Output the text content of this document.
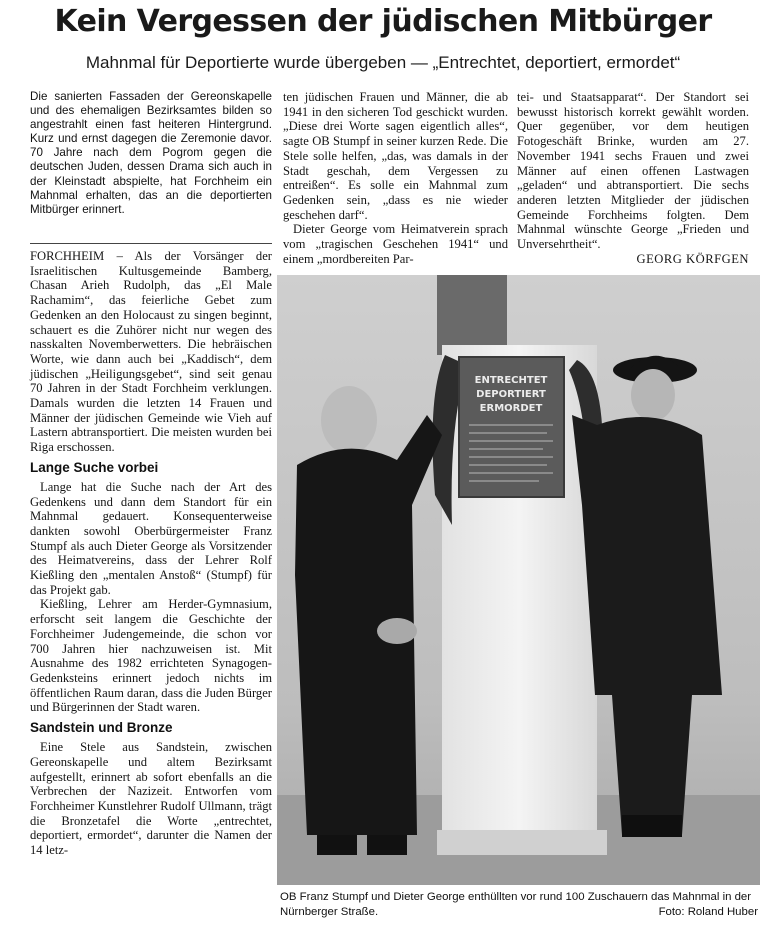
Kein Vergessen der jüdischen Mitbürger
Mahnmal für Deportierte wurde übergeben — „Entrechtet, deportiert, ermordet“
Die sanierten Fassaden der Gereonskapelle und des ehemaligen Bezirksamtes bilden so angestrahlt einen fast heiteren Hintergrund. Kurz und ernst dagegen die Zeremonie davor. 70 Jahre nach dem Pogrom gegen die deutschen Juden, dessen Drama sich auch in der Kleinstadt abspielte, hat Forchheim ein Mahnmal erhalten, das an die deportierten Mitbürger erinnert.

FORCHHEIM – Als der Vorsänger der Israelitischen Kultusgemeinde Bamberg, Chasan Arieh Rudolph, das „El Male Rachamim“, das feierliche Gebet zum Gedenken an den Holocaust zu singen beginnt, schauert es die Zuhörer nicht nur wegen des nasskalten Novemberwetters. Die hebräischen Worte, wie dann auch bei „Kaddisch“, dem jüdischen „Heiligungsgebet“, sind seit genau 70 Jahren in der Stadt Forchheim verklungen. Damals wurden die letzten 14 Frauen und Männer der jüdischen Gemeinde wie Vieh auf Lastern abtransportiert. Die meisten wurden bei Riga erschossen.

Lange Suche vorbei

Lange hat die Suche nach der Art des Gedenkens und dann dem Standort für ein Mahnmal gedauert. Konsequenterweise dankten sowohl Oberbürgermeister Franz Stumpf als auch Dieter George als Vorsitzender des Heimatvereins, dass der Lehrer Rolf Kießling den „mentalen Anstoß“ (Stumpf) für das Projekt gab.

Kießling, Lehrer am Herder-Gymnasium, erforscht seit langem die Geschichte der Forchheimer Judengemeinde, die schon vor 700 Jahren hier nachzuweisen ist. Mit Ausnahme des 1982 errichteten Synagogen-Gedenksteins erinnert jedoch nichts im öffentlichen Raum daran, dass die Juden Bürger und Bürgerinnen der Stadt waren.

Sandstein und Bronze

Eine Stele aus Sandstein, zwischen Gereonskapelle und altem Bezirksamt aufgestellt, erinnert ab sofort ebenfalls an die Verbrechen der Nazizeit. Entworfen vom Forchheimer Kunstlehrer Rudolf Ullmann, trägt die Bronzetafel die Worte „entrechtet, deportiert, ermordet“, darunter die Namen der 14 letz-

ten jüdischen Frauen und Männer, die ab 1941 in den sicheren Tod geschickt wurden. „Diese drei Worte sagen eigentlich alles“, sagte OB Stumpf in seiner kurzen Rede. Die Stele solle helfen, „das, was damals in der Stadt geschah, dem Vergessen zu entreißen“. Es solle ein Mahnmal zum Gedenken sein, „dass es nie wieder geschehen darf“.

Dieter George vom Heimatverein sprach vom „tragischen Geschehen 1941“ und einem „mordbereiten Par-

tei- und Staatsapparat“. Der Standort sei bewusst historisch korrekt gewählt worden. Quer gegenüber, vor dem heutigen Fotogeschäft Brinke, wurden am 27. November 1941 sechs Frauen und zwei Männer auf einen offenen Lastwagen „geladen“ und abtransportiert. Die sechs anderen letzten Mitglieder der jüdischen Gemeinde Forchheims folgten. Dem Mahnmal wünschte George „Frieden und Unversehrtheit“.

GEORG KÖRFGEN
ENTRECHTET
DEPORTIERT
ERMORDET
OB Franz Stumpf und Dieter George enthüllten vor rund 100 Zuschauern das Mahnmal in der Nürnberger Straße.	Foto: Roland Huber
